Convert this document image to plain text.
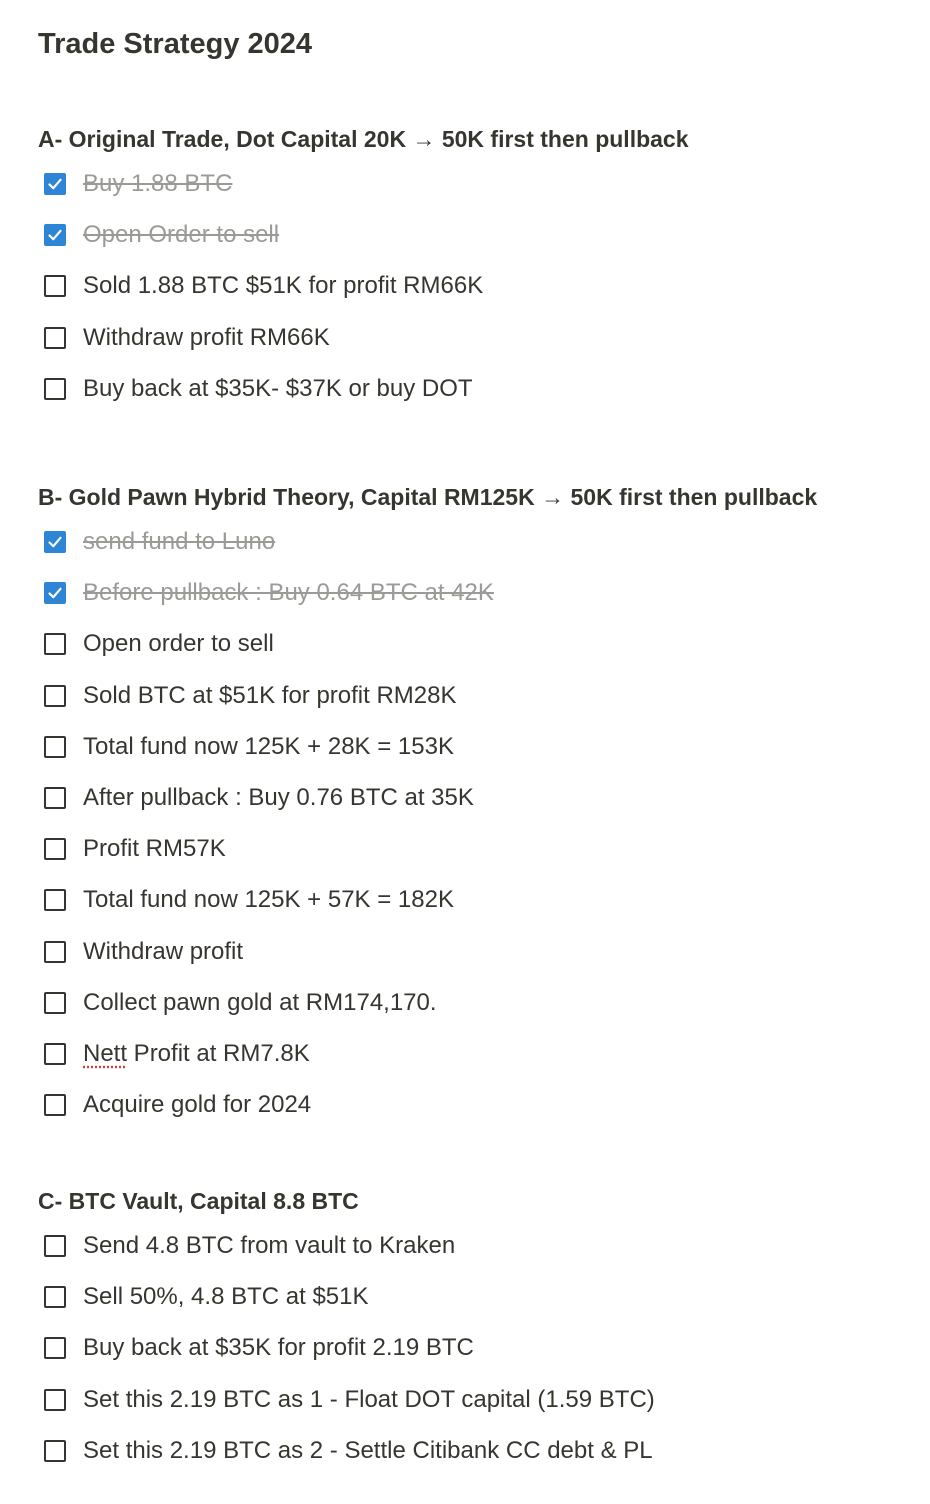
Trade Strategy 2024
A- Original Trade, Dot Capital 20K → 50K first then pullback
Buy 1.88 BTC
Open Order to sell
Sold 1.88 BTC $51K for profit RM66K
Withdraw profit RM66K
Buy back at $35K- $37K or buy DOT
B- Gold Pawn Hybrid Theory, Capital RM125K → 50K first then pullback
send fund to Luno
Before pullback : Buy 0.64 BTC at 42K
Open order to sell
Sold BTC at $51K for profit RM28K
Total fund now 125K + 28K = 153K
After pullback : Buy 0.76 BTC at 35K
Profit RM57K
Total fund now 125K + 57K = 182K
Withdraw profit
Collect pawn gold at RM174,170.
Nett Profit at RM7.8K
Acquire gold for 2024
C- BTC Vault, Capital 8.8 BTC
Send 4.8 BTC from vault to Kraken
Sell 50%, 4.8 BTC at $51K
Buy back at $35K for profit 2.19 BTC
Set this 2.19 BTC as 1 - Float DOT capital (1.59 BTC)
Set this 2.19 BTC as 2 - Settle Citibank CC debt & PL
